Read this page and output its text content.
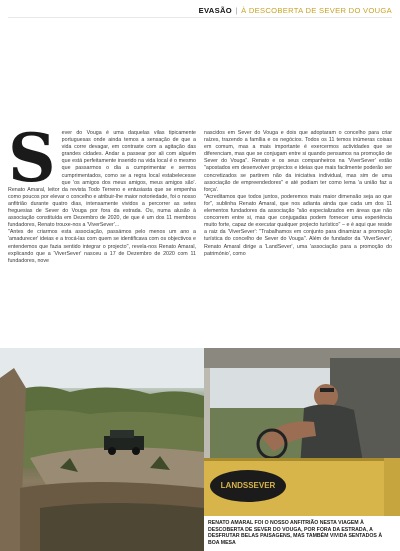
EVASÃO | À DESCOBERTA DE SEVER DO VOUGA
S	ever do Vouga é uma daquelas vilas tipicamente portuguesas onde ainda temos a sensação de que a vida corre devagar, em contraste com a agitação das grandes cidades. Andar a passear por ali com alguém que está perfeitamente inserido na vida local é o mesmo que passarmos o dia a cumprimentar e sermos cumprimentados, como se a regra local estabelecesse que 'os amigos dos meus amigos, meus amigos são'. Renato Amaral, leitor da revista Todo Terreno e entusiasta que se empenha como poucos por elevar o concelho e atribuir-lhe maior notoriedade, foi o nosso anfitrião durante quatro dias, intensamente vividos a percorrer as setes freguesias de Sever do Vouga por fora da estrada. Ou, numa alusão à associação constituída em Dezembro de 2020, de que é um dos 11 membros fundadores, Renato trouxe-nos a 'ViverSever'...

"Antes de criarmos esta associação, passámos pelo menos um ano a 'amadurecer' ideias e a trocá-las com quem se identificava com os objectivos e entendemos que fazia sentido integrar o projecto", revela-nos Renato Amaral, explicando que a 'ViverSever' nasceu a 17 de Dezembro de 2020 com 11 fundadores, nove

nascidos em Sever do Vouga e dois que adoptaram o concelho para criar raízes, trazendo a família e os negócios. Todos os 11 temos inúmeras coisas em comum, mas a mais importante é exercermos actividades que se diferenciam, mas que se conjugam entre si quando pensamos na promoção de Sever do Vouga". Renato e os seus companheiros na 'ViverSever' estão "apostados em desenvolver projectos e ideias que mais facilmente poderão ser concretizados se partirem não da iniciativa individual, mas sim de uma associação de empreendedores" e até podiam ter como lema 'a união faz a força'.

"Acreditamos que todos juntos, poderemos mais maior dimensão seja ao que for", sublinha Renato Amaral, que nos adianta ainda que cada um dos 11 elementos fundadores da associação "são especializados em áreas que não concorrem entre si, mas que conjugadas podem fornecer uma experiência muito forte, capaz de executar qualquer projecto turístico" – e é aqui que reside a raiz da 'ViverSever': "Trabalhamos em conjunto para dinamizar a promoção turística do concelho de Sever do Vouga". Além de fundador da 'ViverSever', Renato Amaral dirige a 'LandSever', uma 'associação para a promoção do património', como

LANDSSEVER
RENATO AMARAL FOI O NOSSO ANFITRIÃO NESTA VIAGEM À DESCOBERTA DE SEVER DO VOUGA, POR FORA DA ESTRADA, A DESFRUTAR BELAS PAISAGENS, MAS TAMBÉM VIVIDA SENTADOS À BOA MESA
